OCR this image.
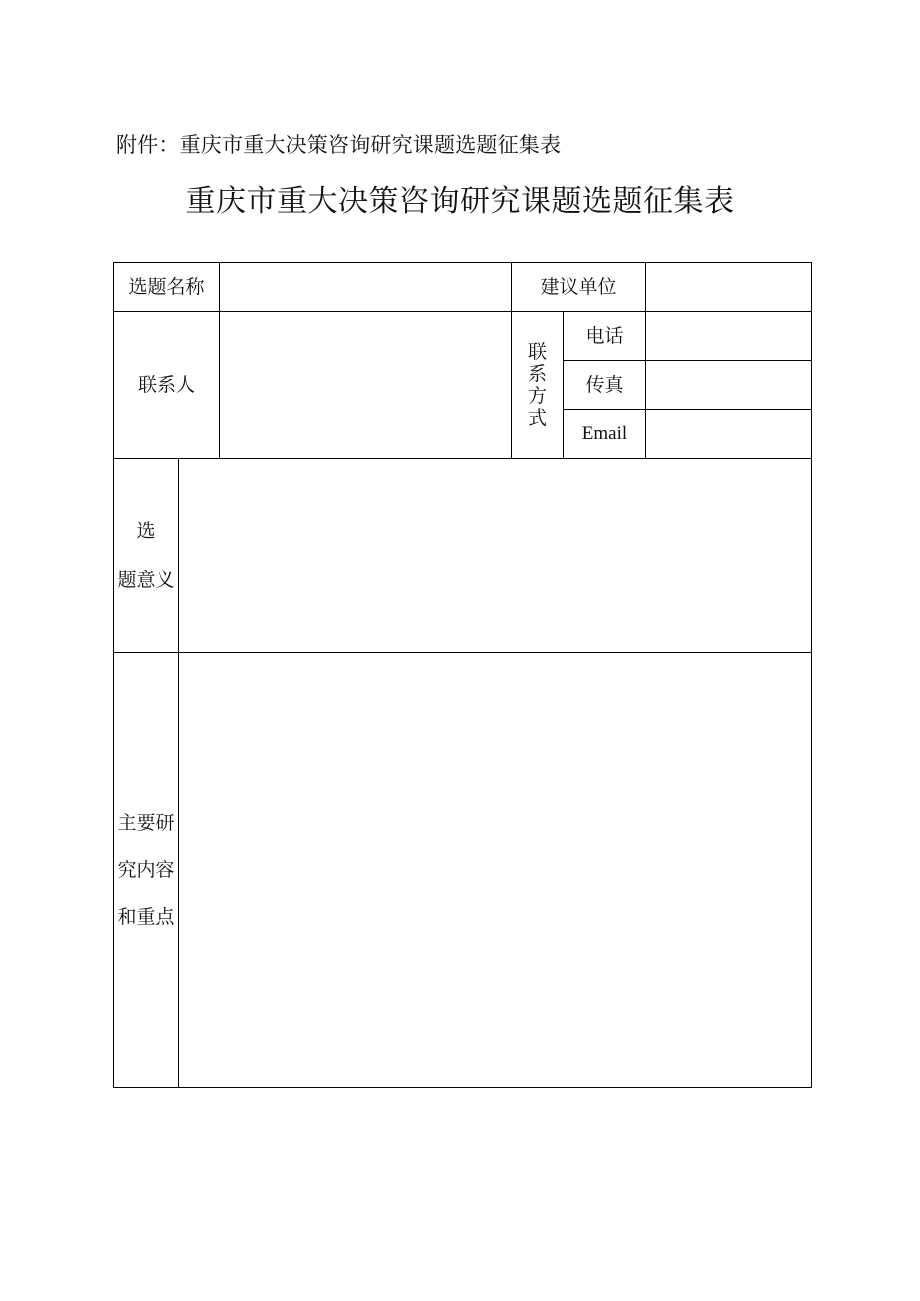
附件：重庆市重大决策咨询研究课题选题征集表
重庆市重大决策咨询研究课题选题征集表
选题名称	建议单位
联系人
联
系
方
式
电话
传真
Email
选
题意义
主要研
究内容
和重点
